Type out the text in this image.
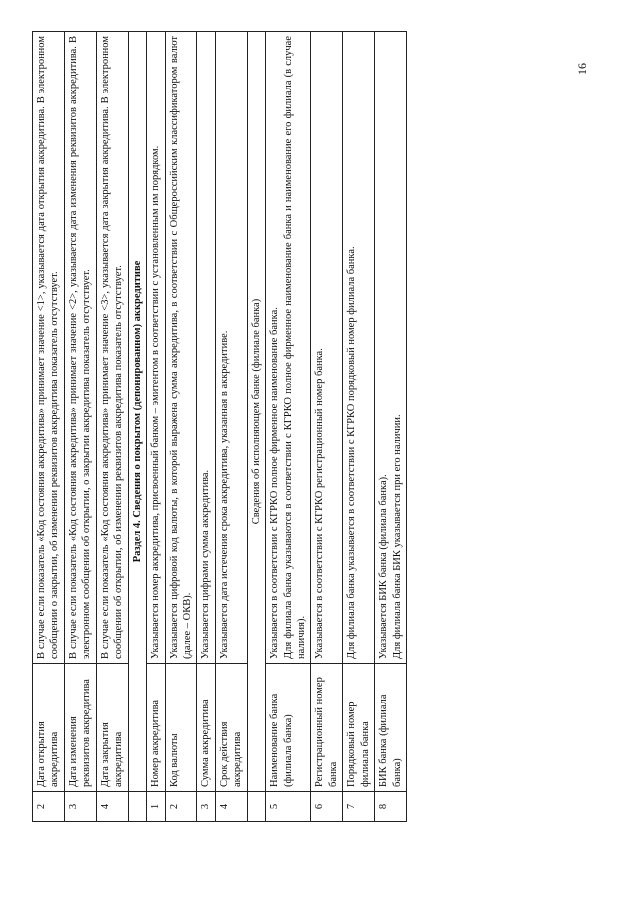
2	Дата открытия аккредитива	В случае если показатель «Код состояния аккредитива» принимает значение <1>, указывается дата открытия аккредитива. В электронном сообщении о закрытии, об изменении реквизитов аккредитива показатель отсутствует.

3	Дата изменения реквизитов аккредитива	В случае если показатель «Код состояния аккредитива» принимает значение <2>, указывается дата изменения реквизитов аккредитива. В электронном сообщении об открытии, о закрытии аккредитива показатель отсутствует.

4	Дата закрытия аккредитива	В случае если показатель «Код состояния аккредитива» принимает значение <3>, указывается дата закрытия аккредитива. В электронном сообщении об открытии, об изменении реквизитов аккредитива показатель отсутствует.

	Раздел 4. Сведения о покрытом (депонированном) аккредитиве	
1	Номер аккредитива	Указывается номер аккредитива, присвоенный банком – эмитентом в соответствии с установленным им порядком.

2	Код валюты	Указывается цифровой код валюты, в которой выражена сумма аккредитива, в соответствии с Общероссийским классификатором валют (далее – ОКВ).

3	Сумма аккредитива	Указывается цифрами сумма аккредитива.

4	Срок действия аккредитива	Указывается дата истечения срока аккредитива, указанная в аккредитиве.

	Сведения об исполняющем банке (филиале банка)	
5	Наименование банка (филиала банка)	Указывается в соответствии с КГРКО полное фирменное наименование банка. Для филиала банка указываются в соответствии с КГРКО полное фирменное наименование банка и наименование его филиала (в случае наличия).

6	Регистрационный номер банка	Указывается в соответствии с КГРКО регистрационный номер банка.

7	Порядковый номер филиала банка	Для филиала банка указывается в соответствии с КГРКО порядковый номер филиала банка.

8	БИК банка (филиала банка)	Указывается БИК банка (филиала банка). Для филиала банка БИК указывается при его наличии.
16
